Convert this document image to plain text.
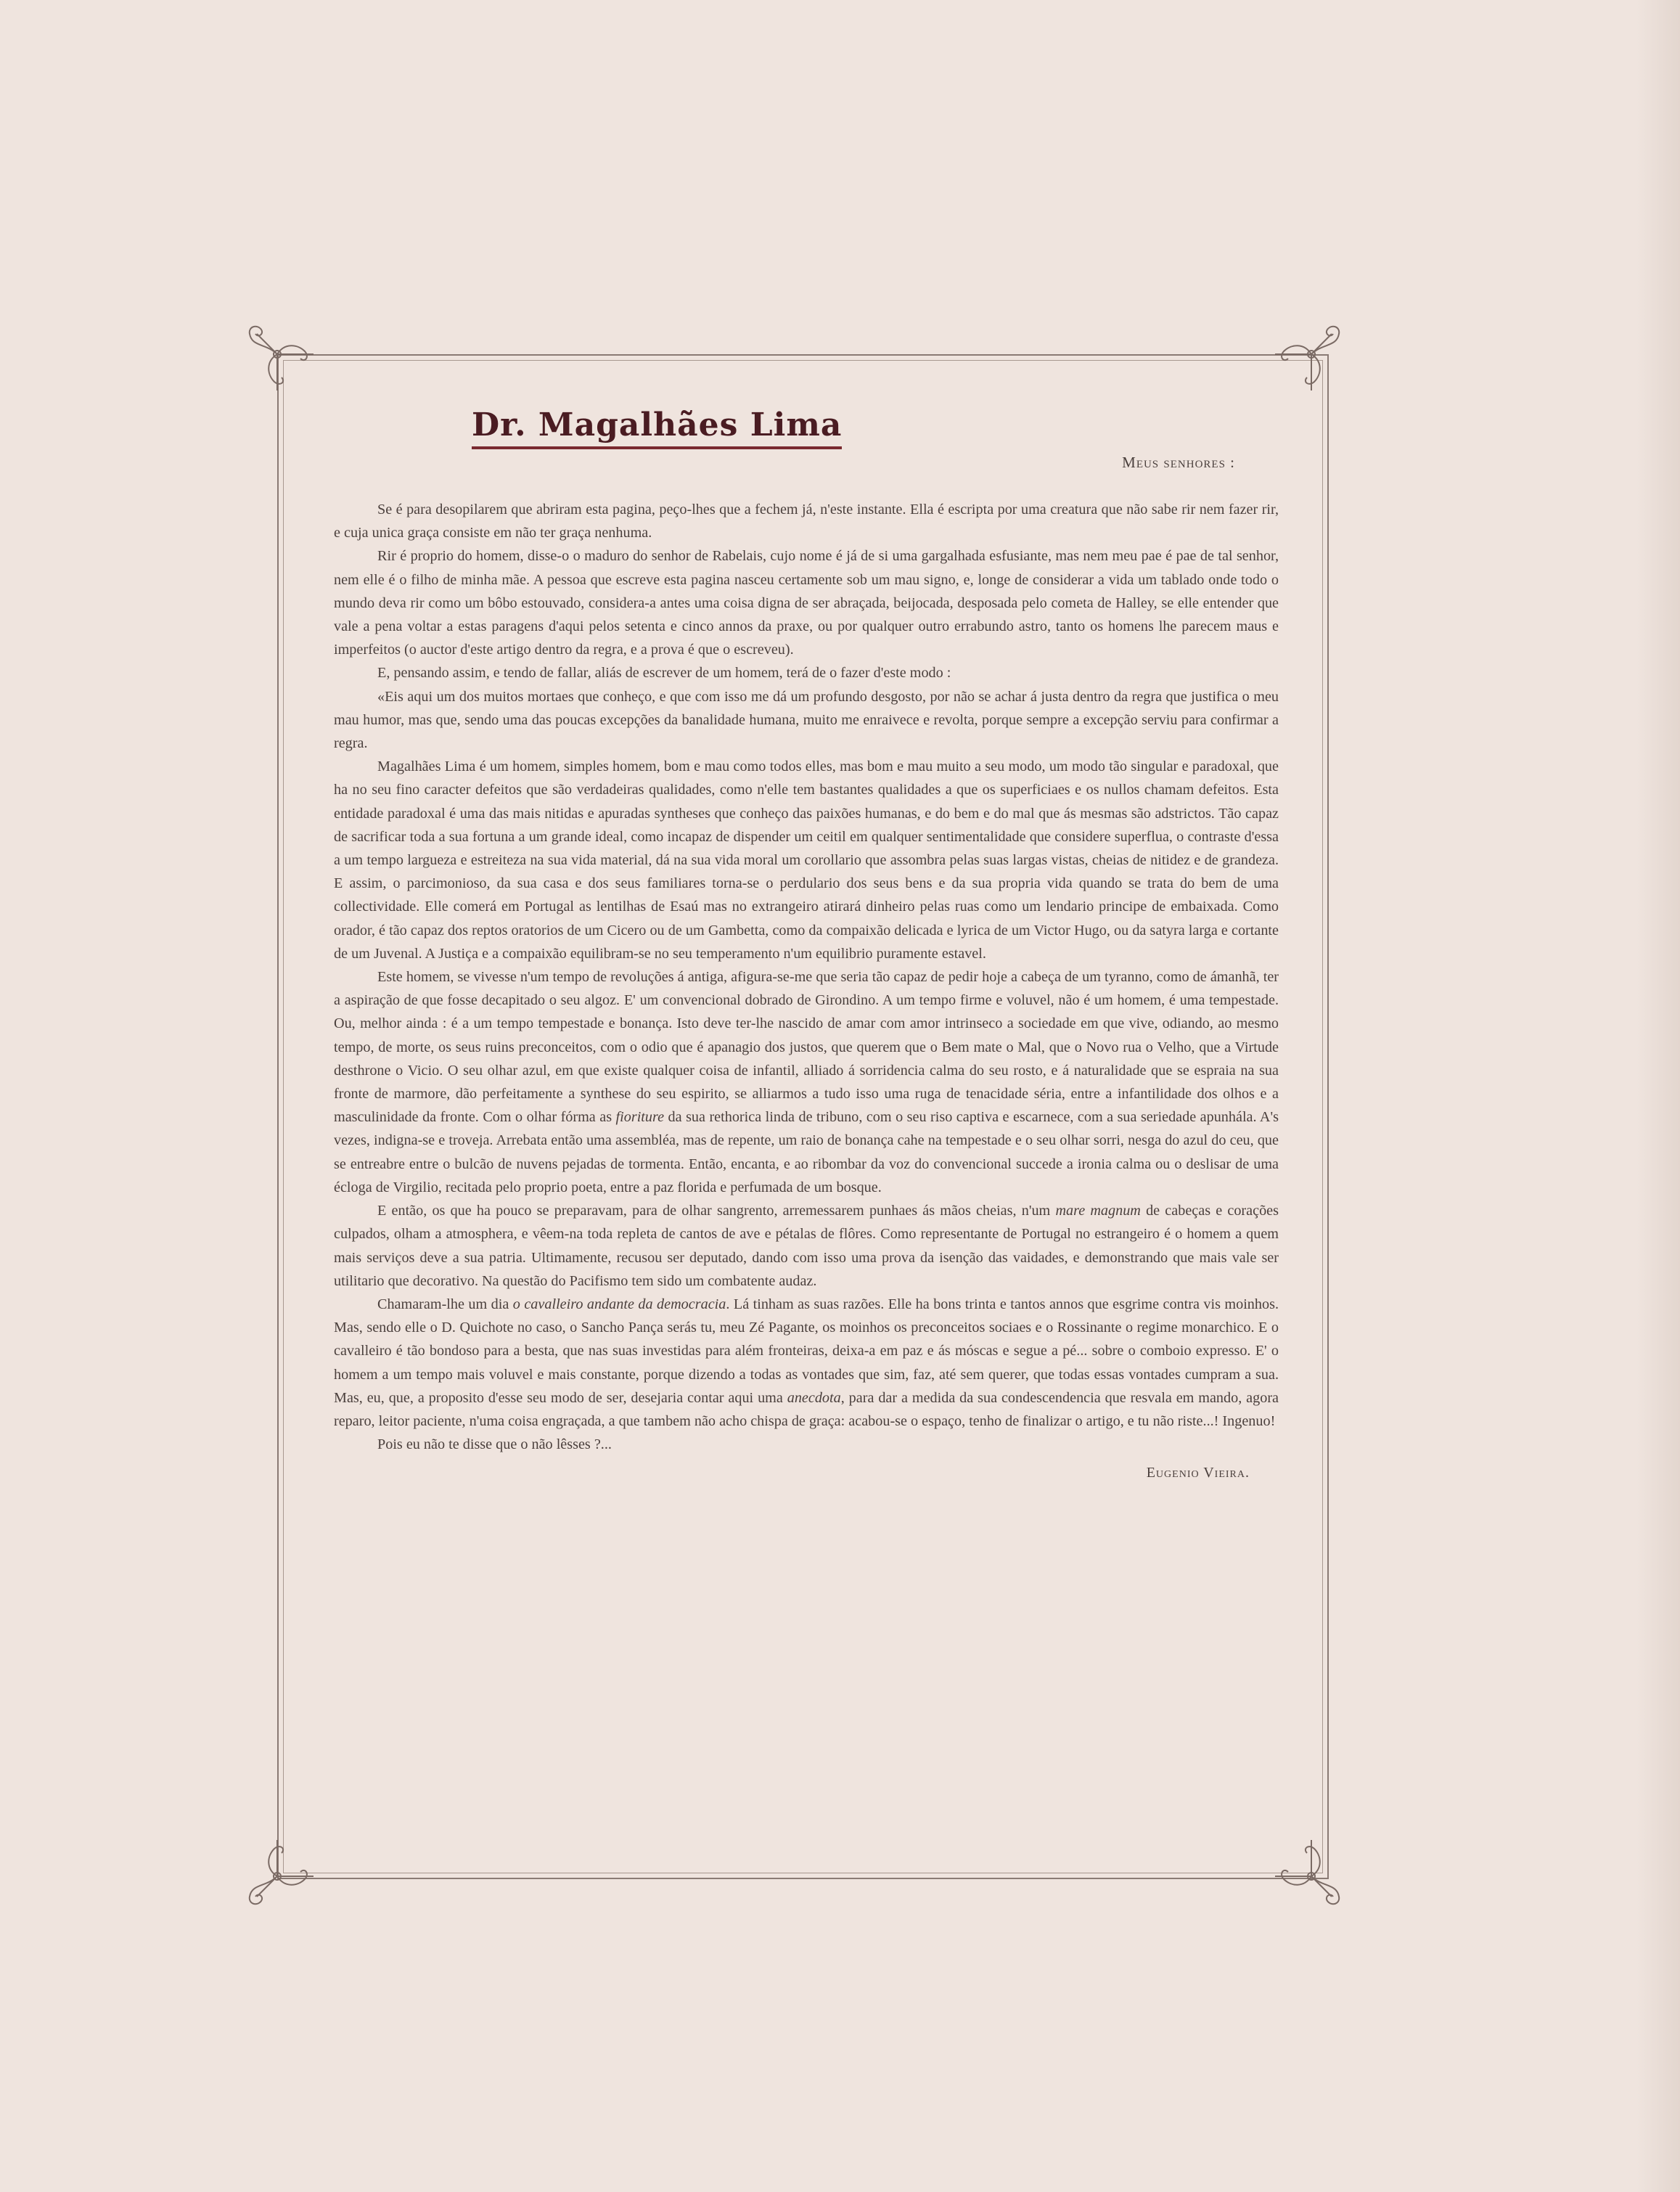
Dr. Magalhães Lima
Meus senhores :

Se é para desopilarem que abriram esta pagina, peço-lhes que a fechem já, n'este instante. Ella é escripta por uma creatura que não sabe rir nem fazer rir, e cuja unica graça consiste em não ter graça nenhuma.

Rir é proprio do homem, disse-o o maduro do senhor de Rabelais, cujo nome é já de si uma gargalhada esfusiante, mas nem meu pae é pae de tal senhor, nem elle é o filho de minha mãe. A pessoa que escreve esta pagina nasceu certamente sob um mau signo, e, longe de considerar a vida um tablado onde todo o mundo deva rir como um bôbo estouvado, considera-a antes uma coisa digna de ser abraçada, beijocada, desposada pelo cometa de Halley, se elle entender que vale a pena voltar a estas paragens d'aqui pelos setenta e cinco annos da praxe, ou por qualquer outro errabundo astro, tanto os homens lhe parecem maus e imperfeitos (o auctor d'este artigo dentro da regra, e a prova é que o escreveu).

E, pensando assim, e tendo de fallar, aliás de escrever de um homem, terá de o fazer d'este modo :

«Eis aqui um dos muitos mortaes que conheço, e que com isso me dá um profundo desgosto, por não se achar á justa dentro da regra que justifica o meu mau humor, mas que, sendo uma das poucas excepções da banalidade humana, muito me enraivece e revolta, porque sempre a excepção serviu para confirmar a regra.

Magalhães Lima é um homem, simples homem, bom e mau como todos elles, mas bom e mau muito a seu modo, um modo tão singular e paradoxal, que ha no seu fino caracter defeitos que são verdadeiras qualidades, como n'elle tem bastantes qualidades a que os superficiaes e os nullos chamam defeitos. Esta entidade paradoxal é uma das mais nitidas e apuradas syntheses que conheço das paixões humanas, e do bem e do mal que ás mesmas são adstrictos. Tão capaz de sacrificar toda a sua fortuna a um grande ideal, como incapaz de dispender um ceitil em qualquer sentimentalidade que considere superflua, o contraste d'essa a um tempo largueza e estreiteza na sua vida material, dá na sua vida moral um corollario que assombra pelas suas largas vistas, cheias de nitidez e de grandeza. E assim, o parcimonioso, da sua casa e dos seus familiares torna-se o perdulario dos seus bens e da sua propria vida quando se trata do bem de uma collectividade. Elle comerá em Portugal as lentilhas de Esaú mas no extrangeiro atirará dinheiro pelas ruas como um lendario principe de embaixada. Como orador, é tão capaz dos reptos oratorios de um Cicero ou de um Gambetta, como da compaixão delicada e lyrica de um Victor Hugo, ou da satyra larga e cortante de um Juvenal. A Justiça e a compaixão equilibram-se no seu temperamento n'um equilibrio puramente estavel.

Este homem, se vivesse n'um tempo de revoluções á antiga, afigura-se-me que seria tão capaz de pedir hoje a cabeça de um tyranno, como de ámanhã, ter a aspiração de que fosse decapitado o seu algoz. E' um convencional dobrado de Girondino. A um tempo firme e voluvel, não é um homem, é uma tempestade. Ou, melhor ainda : é a um tempo tempestade e bonança. Isto deve ter-lhe nascido de amar com amor intrinseco a sociedade em que vive, odiando, ao mesmo tempo, de morte, os seus ruins preconceitos, com o odio que é apanagio dos justos, que querem que o Bem mate o Mal, que o Novo rua o Velho, que a Virtude desthrone o Vicio. O seu olhar azul, em que existe qualquer coisa de infantil, alliado á sorridencia calma do seu rosto, e á naturalidade que se espraia na sua fronte de marmore, dão perfeitamente a synthese do seu espirito, se alliarmos a tudo isso uma ruga de tenacidade séria, entre a infantilidade dos olhos e a masculinidade da fronte. Com o olhar fórma as fioriture da sua rethorica linda de tribuno, com o seu riso captiva e escarnece, com a sua seriedade apunhála. A's vezes, indigna-se e troveja. Arrebata então uma assembléa, mas de repente, um raio de bonança cahe na tempestade e o seu olhar sorri, nesga do azul do ceu, que se entreabre entre o bulcão de nuvens pejadas de tormenta. Então, encanta, e ao ribombar da voz do convencional succede a ironia calma ou o deslisar de uma écloga de Virgilio, recitada pelo proprio poeta, entre a paz florida e perfumada de um bosque.

E então, os que ha pouco se preparavam, para de olhar sangrento, arremessarem punhaes ás mãos cheias, n'um mare magnum de cabeças e corações culpados, olham a atmosphera, e vêem-na toda repleta de cantos de ave e pétalas de flôres. Como representante de Portugal no estrangeiro é o homem a quem mais serviços deve a sua patria. Ultimamente, recusou ser deputado, dando com isso uma prova da isenção das vaidades, e demonstrando que mais vale ser utilitario que decorativo. Na questão do Pacifismo tem sido um combatente audaz.

Chamaram-lhe um dia o cavalleiro andante da democracia. Lá tinham as suas razões. Elle ha bons trinta e tantos annos que esgrime contra vis moinhos. Mas, sendo elle o D. Quichote no caso, o Sancho Pança serás tu, meu Zé Pagante, os moinhos os preconceitos sociaes e o Rossinante o regime monarchico. E o cavalleiro é tão bondoso para a besta, que nas suas investidas para além fronteiras, deixa-a em paz e ás móscas e segue a pé... sobre o comboio expresso. E' o homem a um tempo mais voluvel e mais constante, porque dizendo a todas as vontades que sim, faz, até sem querer, que todas essas vontades cumpram a sua. Mas, eu, que, a proposito d'esse seu modo de ser, desejaria contar aqui uma anecdota, para dar a medida da sua condescendencia que resvala em mando, agora reparo, leitor paciente, n'uma coisa engraçada, a que tambem não acho chispa de graça: acabou-se o espaço, tenho de finalizar o artigo, e tu não riste...! Ingenuo!

Pois eu não te disse que o não lêsses ?...

Eugenio Vieira.
